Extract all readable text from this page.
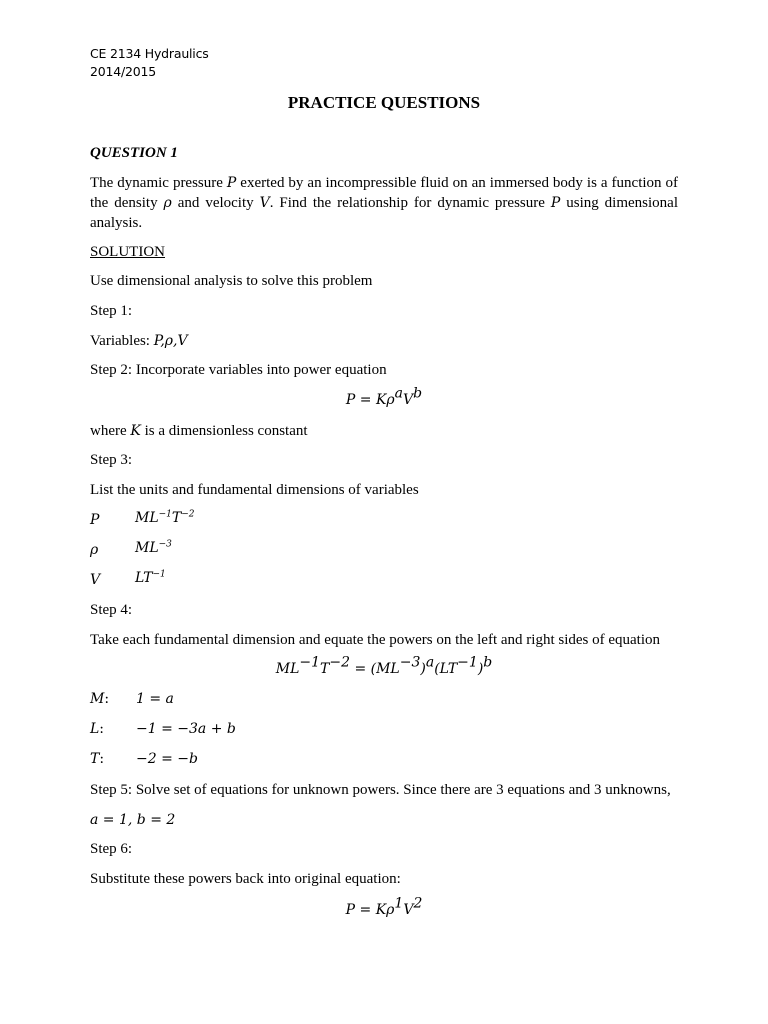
CE 2134 Hydraulics
2014/2015
PRACTICE QUESTIONS
QUESTION 1
The dynamic pressure P exerted by an incompressible fluid on an immersed body is a function of the density ρ and velocity V. Find the relationship for dynamic pressure P using dimensional analysis.
SOLUTION
Use dimensional analysis to solve this problem
Step 1:
Variables: P,ρ,V
Step 2: Incorporate variables into power equation
$P = K\rho^aV^b$
where K is a dimensionless constant
Step 3:
List the units and fundamental dimensions of variables
P	$ML^{-1}T^{-2}$
ρ	$ML^{-3}$
V $LT^{-1}$
Step 4:
Take each fundamental dimension and equate the powers on the left and right sides of equation
$ML^{-1}T^{-2} = (ML^{-3})^a(LT^{-1})^b$
M: 1 = a
L: −1 = −3a + b
T: −2 = −b
Step 5: Solve set of equations for unknown powers. Since there are 3 equations and 3 unknowns,
a = 1, b = 2
Step 6:
Substitute these powers back into original equation:
$P = K\rho^1V^2$
